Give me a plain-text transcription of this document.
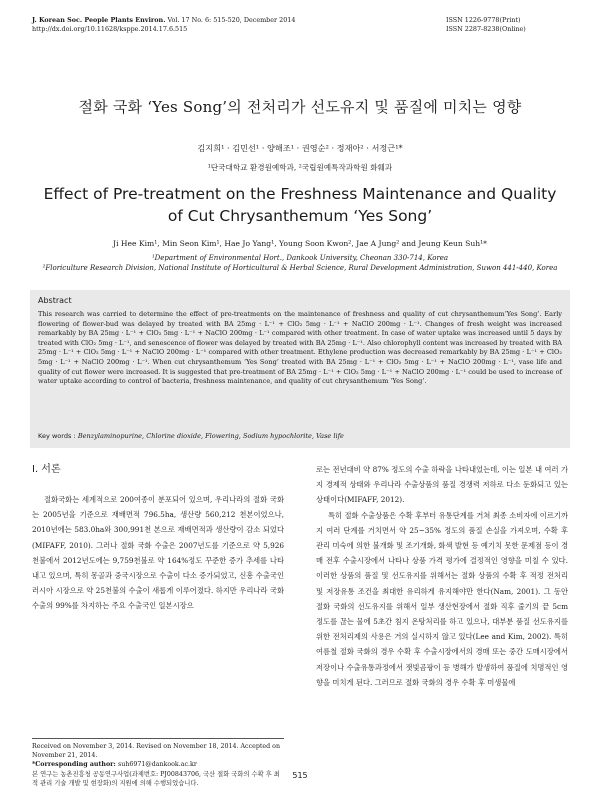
J. Korean Soc. People Plants Environ. Vol. 17 No. 6: 515-520, December 2014
http://dx.doi.org/10.11628/ksppe.2014.17.6.515
ISSN 1226-9778(Print)
ISSN 2287-8238(Online)
절화 국화 ‘Yes Song’의 전처리가 선도유지 및 품질에 미치는 영향
김지희¹ · 김민선¹ · 양해조¹ · 권영순² · 정재아² · 서정근¹*
¹단국대학교 환경원예학과, ²국립원예특작과학원 화훼과
Effect of Pre-treatment on the Freshness Maintenance and Quality
of Cut Chrysanthemum ‘Yes Song’
Ji Hee Kim¹, Min Seon Kim¹, Hae Jo Yang¹, Young Soon Kwon², Jae A Jung² and Jeung Keun Suh¹*
¹Department of Environmental Hort., Dankook University, Cheonan 330-714, Korea
²Floriculture Research Division, National Institute of Horticultural & Herbal Science, Rural Development Administration, Suwon 441-440, Korea
Abstract
This research was carried to determine the effect of pre-treatments on the maintenance of freshness and quality of cut chrysanthemum‘Yes Song’. Early flowering of flower-bud was delayed by treated with BA 25mg · L⁻¹ + ClO₂ 5mg · L⁻¹ + NaClO 200mg · L⁻¹. Changes of fresh weight was increased remarkably by BA 25mg · L⁻¹ + ClO₂ 5mg · L⁻¹ + NaClO 200mg · L⁻¹ compared with other treatment. In case of water uptake was increased until 5 days by treated with ClO₂ 5mg · L⁻¹, and senescence of flower was delayed by treated with BA 25mg · L⁻¹. Also chlorophyll content was increased by treated with BA 25mg · L⁻¹ + ClO₂ 5mg · L⁻¹ + NaClO 200mg · L⁻¹ compared with other treatment. Ethylene production was decreased remarkably by BA 25mg · L⁻¹ + ClO₂ 5mg · L⁻¹ + NaClO 200mg · L⁻¹. When cut chrysanthemum ‘Yes Song’ treated with BA 25mg · L⁻¹ + ClO₂ 5mg · L⁻¹ + NaClO 200mg · L⁻¹, vase life and quality of cut flower were increased. It is suggested that pre-treatment of BA 25mg · L⁻¹ + ClO₂ 5mg · L⁻¹ + NaClO 200mg · L⁻¹ could be used to increase of water uptake according to control of bacteria, freshness maintenance, and quality of cut chrysanthemum ‘Yes Song’.
Key words : Benzylaminopurine, Chlorine dioxide, Flowering, Sodium hypochlorite, Vase life
Ⅰ. 서론

절화국화는 세계적으로 200여종이 분포되어 있으며, 우리나라의 절화 국화는 2005년을 기준으로 재배면적 796.5ha, 생산량 560,212 천본이었으나, 2010년에는 583.0ha와 300,991천 본으로 재배면적과 생산량이 감소 되었다(MIFAFF, 2010). 그러나 절화 국화 수출은 2007년도를 기준으로 약 5,926천불에서 2012년도에는 9,759천불로 약 164%정도 꾸준한 증가 추세를 나타내고 있으며, 특히 몽골과 중국시장으로 수출이 다소 증가되었고, 신흥 수출국인 러시아 시장으로 약 25천불의 수출이 새롭게 이루어졌다. 하지만 우리나라 국화 수출의 99%를 차지하는 주요 수출국인 일본시장으

로는 전년대비 약 87% 정도의 수출 하락을 나타내었는데, 이는 일본 내 여러 가지 경제적 상태와 우리나라 수출상품의 품질 경쟁력 저하로 다소 둔화되고 있는 상태이다(MIFAFF, 2012).

특히 절화 수출상품은 수확 후부터 유통단계를 거쳐 최종 소비자에 이르기까지 여러 단계를 거치면서 약 25~35% 정도의 품질 손실을 가져오며, 수확 후 관리 미숙에 의한 불개화 및 조기개화, 화색 발현 등 예기치 못한 문제점 등이 경매 전후 수출시장에서 나타나 상품 가격 평가에 결정적인 영향을 미칠 수 있다. 이러한 상품의 품질 및 선도유지를 위해서는 절화 상품의 수확 후 적정 전처리 및 저장유통 조건을 최대한 유리하게 유지해야만 한다(Nam, 2001). 그 동안 절화 국화의 선도유지를 위해서 일부 생산현장에서 절화 직후 줄기의 끝 5cm 정도를 끊는 물에 5초간 침지 온탕처리를 하고 있으나, 대부분 품질 선도유지를 위한 전처리제의 사용은 거의 실시하지 않고 있다(Lee and Kim, 2002). 특히 여름철 절화 국화의 경우 수확 후 수출시장에서의 경매 또는 중간 도매시장에서 저장이나 수출유통과정에서 잿빛곰팡이 등 병해가 발생하여 품질에 치명적인 영향을 미치게 된다. 그러므로 절화 국화의 경우 수확 후 미생물에

Received on November 3, 2014. Revised on November 18, 2014. Accepted on November 21, 2014.

*Corresponding author: suh6971@dankook.ac.kr

본 연구는 농촌진흥청 공동연구사업(과제번호: PJ00843706, 국산 절화 국화의 수확 후 최적 관리 기술 개발 및 현장화)의 지원에 의해 수행되었습니다.

515
